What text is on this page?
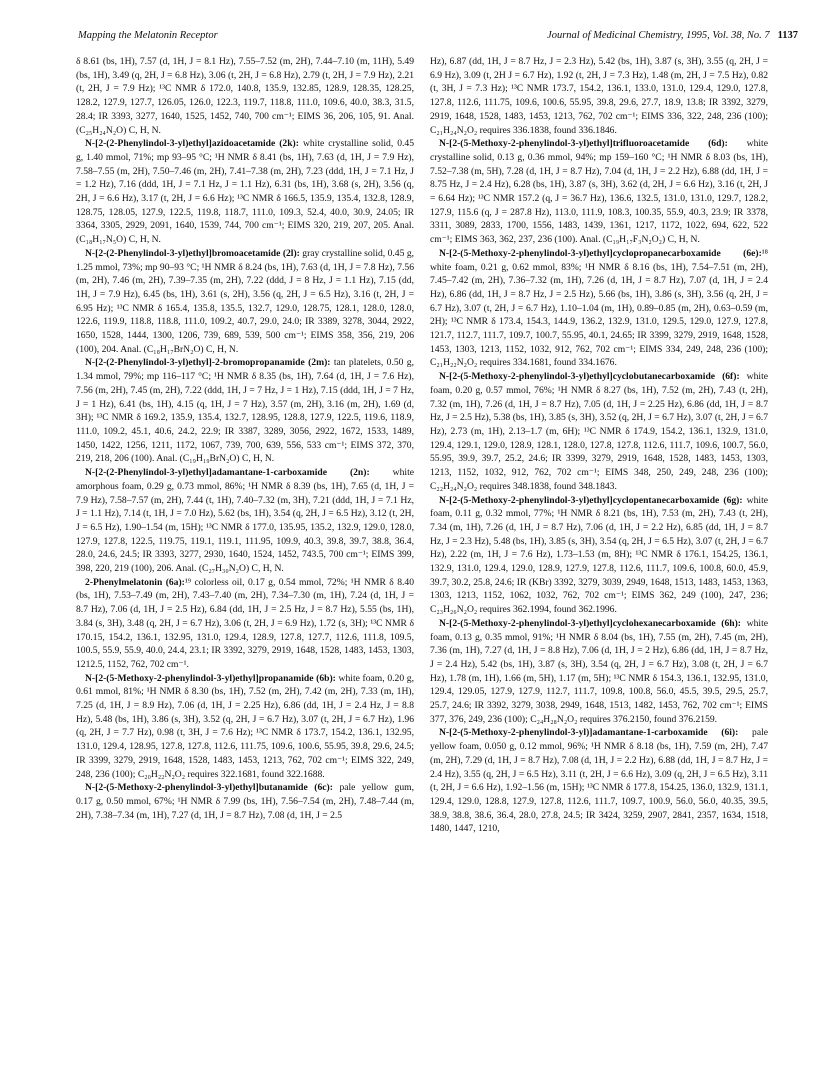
Mapping the Melatonin Receptor	Journal of Medicinal Chemistry, 1995, Vol. 38, No. 7 1137

δ 8.61 (bs, 1H), 7.57 (d, 1H, J = 8.1 Hz), 7.55–7.52 (m, 2H), 7.44–7.10 (m, 11H), 5.49 (bs, 1H), 3.49 (q, 2H, J = 6.8 Hz), 3.06 (t, 2H, J = 6.8 Hz), 2.79 (t, 2H, J = 7.9 Hz), 2.21 (t, 2H, J = 7.9 Hz); ¹³C NMR δ 172.0, 140.8, 135.9, 132.85, 128.9, 128.35, 128.25, 128.2, 127.9, 127.7, 126.05, 126.0, 122.3, 119.7, 118.8, 111.0, 109.6, 40.0, 38.3, 31.5, 28.4; IR 3393, 3277, 1640, 1525, 1452, 740, 700 cm⁻¹; EIMS 36, 206, 105, 91. Anal. (C₂₅H₂₄N₂O) C, H, N.

N-[2-(2-Phenylindol-3-yl)ethyl]azidoacetamide (2k): white crystalline solid, 0.45 g, 1.40 mmol, 71%; mp 93–95 °C; ¹H NMR δ 8.41 (bs, 1H), 7.63 (d, 1H, J = 7.9 Hz), 7.58–7.55 (m, 2H), 7.50–7.46 (m, 2H), 7.41–7.38 (m, 2H), 7.23 (ddd, 1H, J = 7.1 Hz, J = 1.2 Hz), 7.16 (ddd, 1H, J = 7.1 Hz, J = 1.1 Hz), 6.31 (bs, 1H), 3.68 (s, 2H), 3.56 (q, 2H, J = 6.6 Hz), 3.17 (t, 2H, J = 6.6 Hz); ¹³C NMR δ 166.5, 135.9, 135.4, 132.8, 128.9, 128.75, 128.05, 127.9, 122.5, 119.8, 118.7, 111.0, 109.3, 52.4, 40.0, 30.9, 24.05; IR 3364, 3305, 2929, 2091, 1640, 1539, 744, 700 cm⁻¹; EIMS 320, 219, 207, 205. Anal. (C₁₈H₁₇N₅O) C, H, N.

N-[2-(2-Phenylindol-3-yl)ethyl]bromoacetamide (2l): gray crystalline solid, 0.45 g, 1.25 mmol, 73%; mp 90–93 °C; ¹H NMR δ 8.24 (bs, 1H), 7.63 (d, 1H, J = 7.8 Hz), 7.56 (m, 2H), 7.46 (m, 2H), 7.39–7.35 (m, 2H), 7.22 (ddd, J = 8 Hz, J = 1.1 Hz), 7.15 (dd, 1H, J = 7.9 Hz), 6.45 (bs, 1H), 3.61 (s, 2H), 3.56 (q, 2H, J = 6.5 Hz), 3.16 (t, 2H, J = 6.95 Hz); ¹³C NMR δ 165.4, 135.8, 135.5, 132.7, 129.0, 128.75, 128.1, 128.0, 128.0, 122.6, 119.9, 118.8, 118.8, 111.0, 109.2, 40.7, 29.0, 24.0; IR 3389, 3278, 3044, 2922, 1650, 1528, 1444, 1300, 1206, 739, 689, 539, 500 cm⁻¹; EIMS 358, 356, 219, 206 (100), 204. Anal. (C₁₈H₁₇BrN₂O) C, H, N.

N-[2-(2-Phenylindol-3-yl)ethyl]-2-bromopropanamide (2m): tan platelets, 0.50 g, 1.34 mmol, 79%; mp 116–117 °C; ¹H NMR δ 8.35 (bs, 1H), 7.64 (d, 1H, J = 7.6 Hz), 7.56 (m, 2H), 7.45 (m, 2H), 7.22 (ddd, 1H, J = 7 Hz, J = 1 Hz), 7.15 (ddd, 1H, J = 7 Hz, J = 1 Hz), 6.41 (bs, 1H), 4.15 (q, 1H, J = 7 Hz), 3.57 (m, 2H), 3.16 (m, 2H), 1.69 (d, 3H); ¹³C NMR δ 169.2, 135.9, 135.4, 132.7, 128.95, 128.8, 127.9, 122.5, 119.6, 118.9, 111.0, 109.2, 45.1, 40.6, 24.2, 22.9; IR 3387, 3289, 3056, 2922, 1672, 1533, 1489, 1450, 1422, 1256, 1211, 1172, 1067, 739, 700, 639, 556, 533 cm⁻¹; EIMS 372, 370, 219, 218, 206 (100). Anal. (C₁₉H₁₉BrN₂O) C, H, N.

N-[2-(2-Phenylindol-3-yl)ethyl]adamantane-1-carboxamide (2n): white amorphous foam, 0.29 g, 0.73 mmol, 86%; ¹H NMR δ 8.39 (bs, 1H), 7.65 (d, 1H, J = 7.9 Hz), 7.58–7.57 (m, 2H), 7.44 (t, 1H), 7.40–7.32 (m, 3H), 7.21 (ddd, 1H, J = 7.1 Hz, J = 1.1 Hz), 7.14 (t, 1H, J = 7.0 Hz), 5.62 (bs, 1H), 3.54 (q, 2H, J = 6.5 Hz), 3.12 (t, 2H, J = 6.5 Hz), 1.90–1.54 (m, 15H); ¹³C NMR δ 177.0, 135.95, 135.2, 132.9, 129.0, 128.0, 127.9, 127.8, 122.5, 119.75, 119.1, 119.1, 111.95, 109.9, 40.3, 39.8, 39.7, 38.8, 36.4, 28.0, 24.6, 24.5; IR 3393, 3277, 2930, 1640, 1524, 1452, 743.5, 700 cm⁻¹; EIMS 399, 398, 220, 219 (100), 206. Anal. (C₂₇H₃₀N₂O) C, H, N.

2-Phenylmelatonin (6a):¹⁹ colorless oil, 0.17 g, 0.54 mmol, 72%; ¹H NMR δ 8.40 (bs, 1H), 7.53–7.49 (m, 2H), 7.43–7.40 (m, 2H), 7.34–7.30 (m, 1H), 7.24 (d, 1H, J = 8.7 Hz), 7.06 (d, 1H, J = 2.5 Hz), 6.84 (dd, 1H, J = 2.5 Hz, J = 8.7 Hz), 5.55 (bs, 1H), 3.84 (s, 3H), 3.48 (q, 2H, J = 6.7 Hz), 3.06 (t, 2H, J = 6.9 Hz), 1.72 (s, 3H); ¹³C NMR δ 170.15, 154.2, 136.1, 132.95, 131.0, 129.4, 128.9, 127.8, 127.7, 112.6, 111.8, 109.5, 100.5, 55.9, 55.9, 40.0, 24.4, 23.1; IR 3392, 3279, 2919, 1648, 1528, 1483, 1453, 1303, 1212.5, 1152, 762, 702 cm⁻¹.

N-[2-(5-Methoxy-2-phenylindol-3-yl)ethyl]propanamide (6b): white foam, 0.20 g, 0.61 mmol, 81%; ¹H NMR δ 8.30 (bs, 1H), 7.52 (m, 2H), 7.42 (m, 2H), 7.33 (m, 1H), 7.25 (d, 1H, J = 8.9 Hz), 7.06 (d, 1H, J = 2.25 Hz), 6.86 (dd, 1H, J = 2.4 Hz, J = 8.8 Hz), 5.48 (bs, 1H), 3.86 (s, 3H), 3.52 (q, 2H, J = 6.7 Hz), 3.07 (t, 2H, J = 6.7 Hz), 1.96 (q, 2H, J = 7.7 Hz), 0.98 (t, 3H, J = 7.6 Hz); ¹³C NMR δ 173.7, 154.2, 136.1, 132.95, 131.0, 129.4, 128.95, 127.8, 127.8, 112.6, 111.75, 109.6, 100.6, 55.95, 39.8, 29.6, 24.5; IR 3399, 3279, 2919, 1648, 1528, 1483, 1453, 1213, 762, 702 cm⁻¹; EIMS 322, 249, 248, 236 (100); C₂₀H₂₂N₂O₂ requires 322.1681, found 322.1688.

N-[2-(5-Methoxy-2-phenylindol-3-yl)ethyl]butanamide (6c): pale yellow gum, 0.17 g, 0.50 mmol, 67%; ¹H NMR δ 7.99 (bs, 1H), 7.56–7.54 (m, 2H), 7.48–7.44 (m, 2H), 7.38–7.34 (m, 1H), 7.27 (d, 1H, J = 8.7 Hz), 7.08 (d, 1H, J = 2.5

Hz), 6.87 (dd, 1H, J = 8.7 Hz, J = 2.3 Hz), 5.42 (bs, 1H), 3.87 (s, 3H), 3.55 (q, 2H, J = 6.9 Hz), 3.09 (t, 2H J = 6.7 Hz), 1.92 (t, 2H, J = 7.3 Hz), 1.48 (m, 2H, J = 7.5 Hz), 0.82 (t, 3H, J = 7.3 Hz); ¹³C NMR 173.7, 154.2, 136.1, 133.0, 131.0, 129.4, 129.0, 127.8, 127.8, 112.6, 111.75, 109.6, 100.6, 55.95, 39.8, 29.6, 27.7, 18.9, 13.8; IR 3392, 3279, 2919, 1648, 1528, 1483, 1453, 1213, 762, 702 cm⁻¹; EIMS 336, 322, 248, 236 (100); C₂₁H₂₄N₂O₂ requires 336.1838, found 336.1846.

N-[2-(5-Methoxy-2-phenylindol-3-yl)ethyl]trifluoroacetamide (6d): white crystalline solid, 0.13 g, 0.36 mmol, 94%; mp 159–160 °C; ¹H NMR δ 8.03 (bs, 1H), 7.52–7.38 (m, 5H), 7.28 (d, 1H, J = 8.7 Hz), 7.04 (d, 1H, J = 2.2 Hz), 6.88 (dd, 1H, J = 8.75 Hz, J = 2.4 Hz), 6.28 (bs, 1H), 3.87 (s, 3H), 3.62 (d, 2H, J = 6.6 Hz), 3.16 (t, 2H, J = 6.64 Hz); ¹³C NMR 157.2 (q, J = 36.7 Hz), 136.6, 132.5, 131.0, 131.0, 129.7, 128.2, 127.9, 115.6 (q, J = 287.8 Hz), 113.0, 111.9, 108.3, 100.35, 55.9, 40.3, 23.9; IR 3378, 3311, 3089, 2833, 1700, 1556, 1483, 1439, 1361, 1217, 1172, 1022, 694, 622, 522 cm⁻¹; EIMS 363, 362, 237, 236 (100). Anal. (C₁₉H₁₇F₃N₂O₂) C, H, N.

N-[2-(5-Methoxy-2-phenylindol-3-yl)ethyl]cyclopropanecarboxamide (6e):¹⁸ white foam, 0.21 g, 0.62 mmol, 83%; ¹H NMR δ 8.16 (bs, 1H), 7.54–7.51 (m, 2H), 7.45–7.42 (m, 2H), 7.36–7.32 (m, 1H), 7.26 (d, 1H, J = 8.7 Hz), 7.07 (d, 1H, J = 2.4 Hz), 6.86 (dd, 1H, J = 8.7 Hz, J = 2.5 Hz), 5.66 (bs, 1H), 3.86 (s, 3H), 3.56 (q, 2H, J = 6.7 Hz), 3.07 (t, 2H, J = 6.7 Hz), 1.10–1.04 (m, 1H), 0.89–0.85 (m, 2H), 0.63–0.59 (m, 2H); ¹³C NMR δ 173.4, 154.3, 144.9, 136.2, 132.9, 131.0, 129.5, 129.0, 127.9, 127.8, 121.7, 112.7, 111.7, 109.7, 100.7, 55.95, 40.1, 24.65; IR 3399, 3279, 2919, 1648, 1528, 1453, 1303, 1213, 1152, 1032, 912, 762, 702 cm⁻¹; EIMS 334, 249, 248, 236 (100); C₂₁H₂₂N₂O₂ requires 334.1681, found 334.1676.

N-[2-(5-Methoxy-2-phenylindol-3-yl)ethyl]cyclobutanecarboxamide (6f): white foam, 0.20 g, 0.57 mmol, 76%; ¹H NMR δ 8.27 (bs, 1H), 7.52 (m, 2H), 7.43 (t, 2H), 7.32 (m, 1H), 7.26 (d, 1H, J = 8.7 Hz), 7.05 (d, 1H, J = 2.25 Hz), 6.86 (dd, 1H, J = 8.7 Hz, J = 2.5 Hz), 5.38 (bs, 1H), 3.85 (s, 3H), 3.52 (q, 2H, J = 6.7 Hz), 3.07 (t, 2H, J = 6.7 Hz), 2.73 (m, 1H), 2.13–1.7 (m, 6H); ¹³C NMR δ 174.9, 154.2, 136.1, 132.9, 131.0, 129.4, 129.1, 129.0, 128.9, 128.1, 128.0, 127.8, 127.8, 112.6, 111.7, 109.6, 100.7, 56.0, 55.95, 39.9, 39.7, 25.2, 24.6; IR 3399, 3279, 2919, 1648, 1528, 1483, 1453, 1303, 1213, 1152, 1032, 912, 762, 702 cm⁻¹; EIMS 348, 250, 249, 248, 236 (100); C₂₂H₂₄N₂O₂ requires 348.1838, found 348.1843.

N-[2-(5-Methoxy-2-phenylindol-3-yl)ethyl]cyclopentanecarboxamide (6g): white foam, 0.11 g, 0.32 mmol, 77%; ¹H NMR δ 8.21 (bs, 1H), 7.53 (m, 2H), 7.43 (t, 2H), 7.34 (m, 1H), 7.26 (d, 1H, J = 8.7 Hz), 7.06 (d, 1H, J = 2.2 Hz), 6.85 (dd, 1H, J = 8.7 Hz, J = 2.3 Hz), 5.48 (bs, 1H), 3.85 (s, 3H), 3.54 (q, 2H, J = 6.5 Hz), 3.07 (t, 2H, J = 6.7 Hz), 2.22 (m, 1H, J = 7.6 Hz), 1.73–1.53 (m, 8H); ¹³C NMR δ 176.1, 154.25, 136.1, 132.9, 131.0, 129.4, 129.0, 128.9, 127.9, 127.8, 112.6, 111.7, 109.6, 100.8, 60.0, 45.9, 39.7, 30.2, 25.8, 24.6; IR (KBr) 3392, 3279, 3039, 2949, 1648, 1513, 1483, 1453, 1363, 1303, 1213, 1152, 1062, 1032, 762, 702 cm⁻¹; EIMS 362, 249 (100), 247, 236; C₂₃H₂₆N₂O₂ requires 362.1994, found 362.1996.

N-[2-(5-Methoxy-2-phenylindol-3-yl)ethyl]cyclohexanecarboxamide (6h): white foam, 0.13 g, 0.35 mmol, 91%; ¹H NMR δ 8.04 (bs, 1H), 7.55 (m, 2H), 7.45 (m, 2H), 7.36 (m, 1H), 7.27 (d, 1H, J = 8.8 Hz), 7.06 (d, 1H, J = 2 Hz), 6.86 (dd, 1H, J = 8.7 Hz, J = 2.4 Hz), 5.42 (bs, 1H), 3.87 (s, 3H), 3.54 (q, 2H, J = 6.7 Hz), 3.08 (t, 2H, J = 6.7 Hz), 1.78 (m, 1H), 1.66 (m, 5H), 1.17 (m, 5H); ¹³C NMR δ 154.3, 136.1, 132.95, 131.0, 129.4, 129.05, 127.9, 127.9, 112.7, 111.7, 109.8, 100.8, 56.0, 45.5, 39.5, 29.5, 25.7, 25.7, 24.6; IR 3392, 3279, 3038, 2949, 1648, 1513, 1482, 1453, 762, 702 cm⁻¹; EIMS 377, 376, 249, 236 (100); C₂₄H₂₈N₂O₂ requires 376.2150, found 376.2159.

N-[2-(5-Methoxy-2-phenylindol-3-yl)]adamantane-1-carboxamide (6i): pale yellow foam, 0.050 g, 0.12 mmol, 96%; ¹H NMR δ 8.18 (bs, 1H), 7.59 (m, 2H), 7.47 (m, 2H), 7.29 (d, 1H, J = 8.7 Hz), 7.08 (d, 1H, J = 2.2 Hz), 6.88 (dd, 1H, J = 8.7 Hz, J = 2.4 Hz), 3.55 (q, 2H, J = 6.5 Hz), 3.11 (t, 2H, J = 6.6 Hz), 3.09 (q, 2H, J = 6.5 Hz), 3.11 (t, 2H, J = 6.6 Hz), 1.92–1.56 (m, 15H); ¹³C NMR δ 177.8, 154.25, 136.0, 132.9, 131.1, 129.4, 129.0, 128.8, 127.9, 127.8, 112.6, 111.7, 109.7, 100.9, 56.0, 56.0, 40.35, 39.5, 38.9, 38.8, 38.6, 36.4, 28.0, 27.8, 24.5; IR 3424, 3259, 2907, 2841, 2357, 1634, 1518, 1480, 1447, 1210,
